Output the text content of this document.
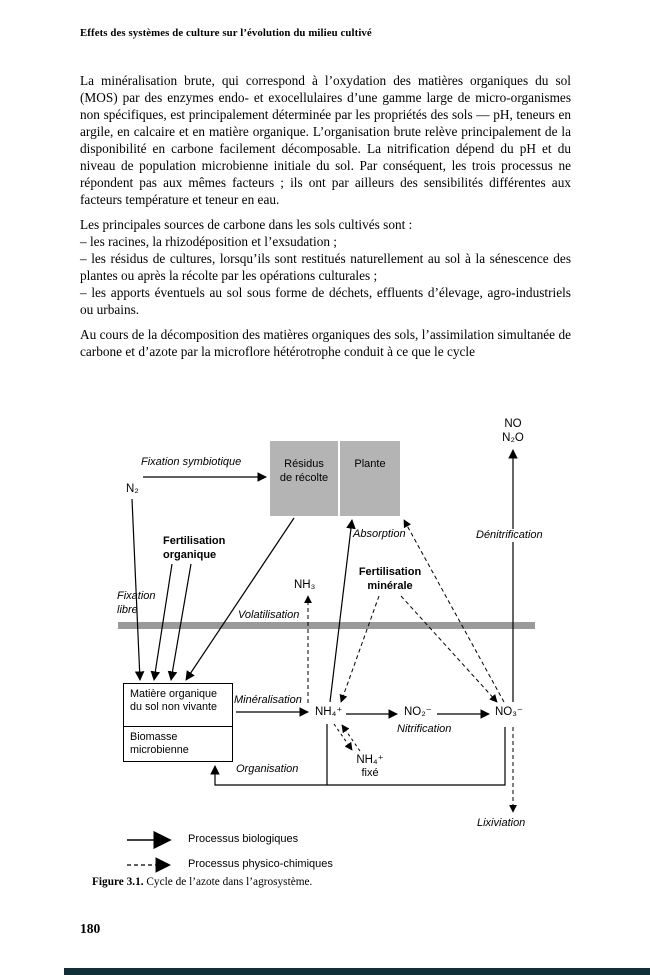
Effets des systèmes de culture sur l’évolution du milieu cultivé

La minéralisation brute, qui correspond à l’oxydation des matières organiques du sol (MOS) par des enzymes endo- et exocellulaires d’une gamme large de micro-organismes non spécifiques, est principalement déterminée par les propriétés des sols — pH, teneurs en argile, en calcaire et en matière organique. L’organisation brute relève principalement de la disponibilité en carbone facilement décomposable. La nitrification dépend du pH et du niveau de population microbienne initiale du sol. Par conséquent, les trois processus ne répondent pas aux mêmes facteurs ; ils ont par ailleurs des sensibilités différentes aux facteurs température et teneur en eau.

Les principales sources de carbone dans les sols cultivés sont :

– les racines, la rhizodéposition et l’exsudation ;

– les résidus de cultures, lorsqu’ils sont restitués naturellement au sol à la sénescence des plantes ou après la récolte par les opérations culturales ;

– les apports éventuels au sol sous forme de déchets, effluents d’élevage, agro-industriels ou urbains.

Au cours de la décomposition des matières organiques des sols, l’assimilation simultanée de carbone et d’azote par la microflore hétérotrophe conduit à ce que le cycle

Résidus
de récolte
Plante
Matière organique
du sol non vivante
Biomasse
microbienne
NO
N₂O
Fixation symbiotique
N₂
Fertilisation
organique
Absorption	Dénitrification
NH₃
Fertilisation
minérale
Fixation
libre	Volatilisation
Minéralisation
NH₄⁺	NO₂⁻
Nitrification
NO₃⁻
NH₄⁺
fixé
Organisation
Lixiviation
Processus biologiques
Processus physico-chimiques
Figure 3.1. Cycle de l’azote dans l’agrosystème.
180
